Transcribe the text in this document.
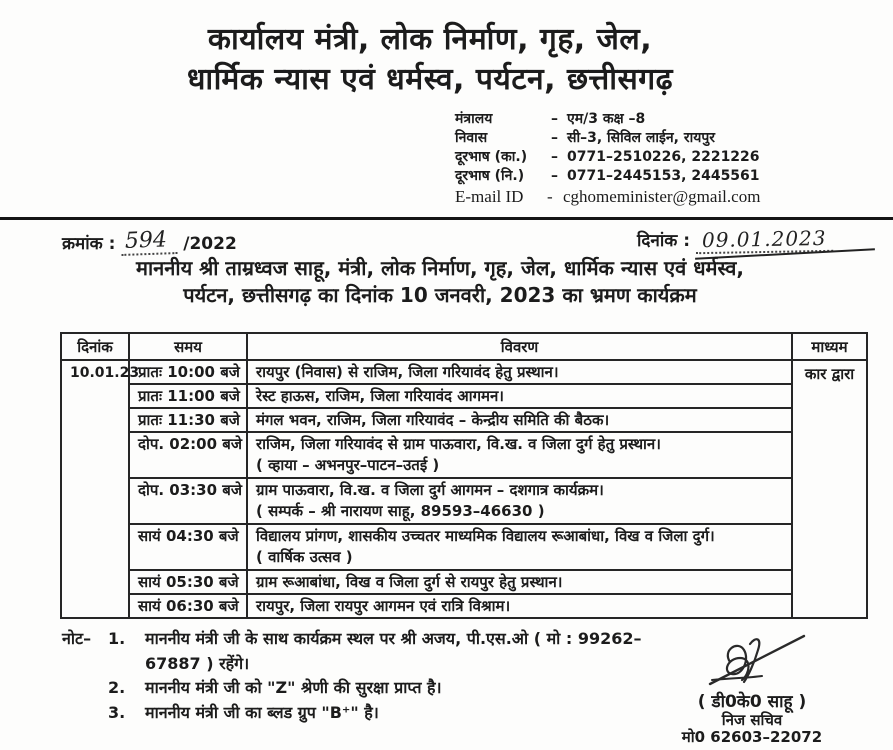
कार्यालय मंत्री, लोक निर्माण, गृह, जेल,
धार्मिक न्यास एवं धर्मस्व, पर्यटन, छत्तीसगढ़
मंत्रालय	– एम/3 कक्ष –8
निवास	– सी–3, सिविल लाईन, रायपुर
दूरभाष (का.)	– 0771–2510226, 2221226
दूरभाष (नि.)	– 0771–2445153, 2445561
E-mail ID	- cghomeminister@gmail.com
क्रमांक : 594 /2022	दिनांक : 09.01.2023
माननीय श्री ताम्रध्वज साहू, मंत्री, लोक निर्माण, गृह, जेल, धार्मिक न्यास एवं धर्मस्व,
पर्यटन, छत्तीसगढ़ का दिनांक 10 जनवरी, 2023 का भ्रमण कार्यक्रम
दिनांक	समय	विवरण	माध्यम
10.01.23	प्रातः 10:00 बजे	रायपुर (निवास) से राजिम, जिला गरियावंद हेतु प्रस्थान।	कार द्वारा
	प्रातः 11:00 बजे	रेस्ट हाऊस, राजिम, जिला गरियावंद आगमन।	
	प्रातः 11:30 बजे	मंगल भवन, राजिम, जिला गरियावंद – केन्द्रीय समिति की बैठक।	
	दोप. 02:00 बजे	राजिम, जिला गरियावंद से ग्राम पाऊवारा, वि.ख. व जिला दुर्ग हेतु प्रस्थान।
( व्हाया – अभनपुर–पाटन–उतई )	

	दोप. 03:30 बजे	ग्राम पाऊवारा, वि.ख. व जिला दुर्ग आगमन – दशगात्र कार्यक्रम।
( सम्पर्क – श्री नारायण साहू, 89593–46630 )	

	सायं 04:30 बजे	विद्यालय प्रांगण, शासकीय उच्चतर माध्यमिक विद्यालय रूआबांधा, विख व जिला दुर्ग।
( वार्षिक उत्सव )	

	सायं 05:30 बजे	ग्राम रूआबांधा, विख व जिला दुर्ग से रायपुर हेतु प्रस्थान।	
	सायं 06:30 बजे	रायपुर, जिला रायपुर आगमन एवं रात्रि विश्राम।	
नोट–	1.	माननीय मंत्री जी के साथ कार्यक्रम स्थल पर श्री अजय, पी.एस.ओ ( मो : 99262–67887 ) रहेंगे।
2.	माननीय मंत्री जी को "Z" श्रेणी की सुरक्षा प्राप्त है।
3.	माननीय मंत्री जी का ब्लड ग्रुप "B⁺" है।	( डी0के0 साहू )
निज सचिव
मो0 62603–22072
